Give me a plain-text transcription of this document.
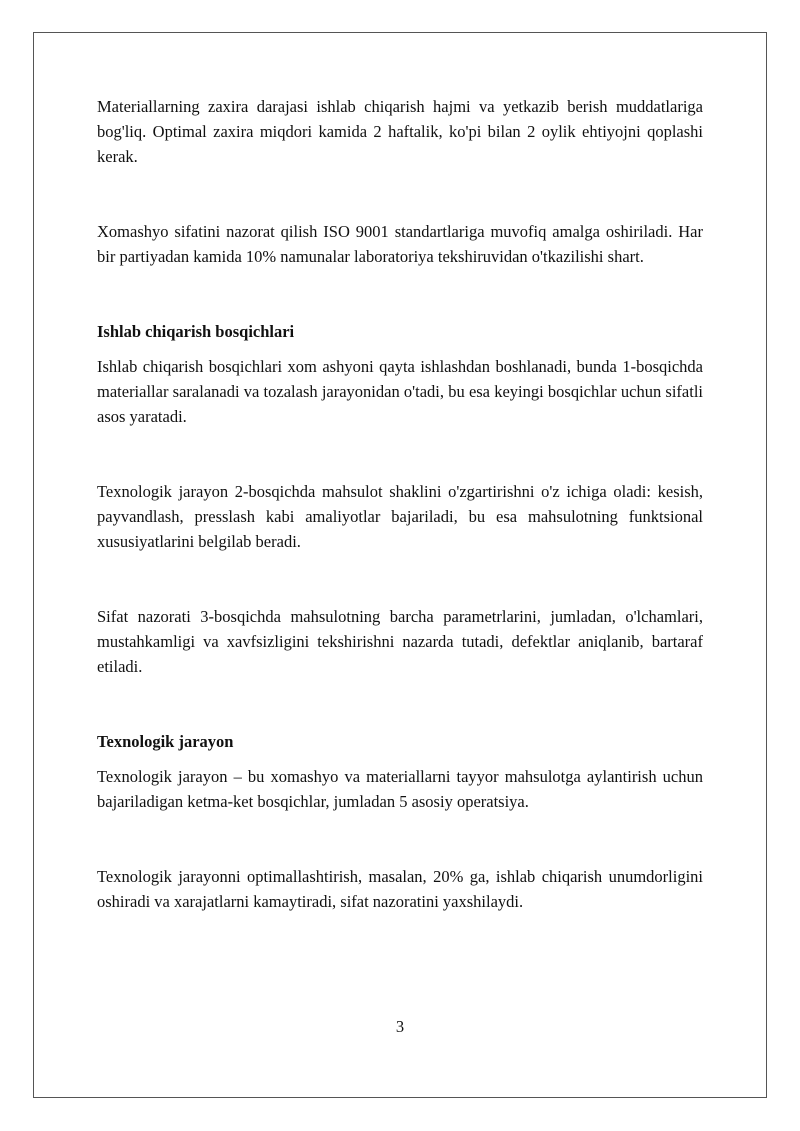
Materiallarning zaxira darajasi ishlab chiqarish hajmi va yetkazib berish muddatlariga bog'liq. Optimal zaxira miqdori kamida 2 haftalik, ko'pi bilan 2 oylik ehtiyojni qoplashi kerak.

Xomashyo sifatini nazorat qilish ISO 9001 standartlariga muvofiq amalga oshiriladi. Har bir partiyadan kamida 10% namunalar laboratoriya tekshiruvidan o'tkazilishi shart.

Ishlab chiqarish bosqichlari

Ishlab chiqarish bosqichlari xom ashyoni qayta ishlashdan boshlanadi, bunda 1-bosqichda materiallar saralanadi va tozalash jarayonidan o'tadi, bu esa keyingi bosqichlar uchun sifatli asos yaratadi.

Texnologik jarayon 2-bosqichda mahsulot shaklini o'zgartirishni o'z ichiga oladi: kesish, payvandlash, presslash kabi amaliyotlar bajariladi, bu esa mahsulotning funktsional xususiyatlarini belgilab beradi.

Sifat nazorati 3-bosqichda mahsulotning barcha parametrlarini, jumladan, o'lchamlari, mustahkamligi va xavfsizligini tekshirishni nazarda tutadi, defektlar aniqlanib, bartaraf etiladi.

Texnologik jarayon

Texnologik jarayon – bu xomashyo va materiallarni tayyor mahsulotga aylantirish uchun bajariladigan ketma-ket bosqichlar, jumladan 5 asosiy operatsiya.

Texnologik jarayonni optimallashtirish, masalan, 20% ga, ishlab chiqarish unumdorligini oshiradi va xarajatlarni kamaytiradi, sifat nazoratini yaxshilaydi.

3
